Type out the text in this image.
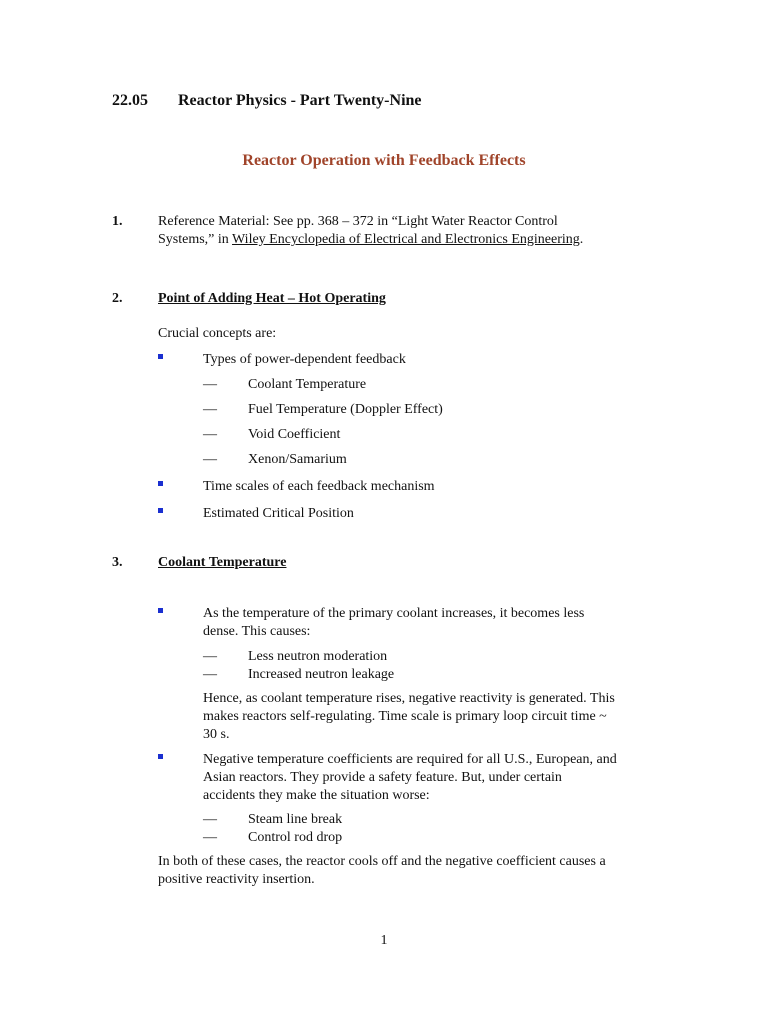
22.05 Reactor Physics - Part Twenty-Nine
Reactor Operation with Feedback Effects
1.	Reference Material: See pp. 368 – 372 in “Light Water Reactor Control
Systems,” in Wiley Encyclopedia of Electrical and Electronics Engineering.
2.	Point of Adding Heat – Hot Operating
Crucial concepts are:
Types of power-dependent feedback
— Coolant Temperature
— Fuel Temperature (Doppler Effect)
— Void Coefficient
— Xenon/Samarium
Time scales of each feedback mechanism
Estimated Critical Position
3.	Coolant Temperature
As the temperature of the primary coolant increases, it becomes less
dense. This causes:
— Less neutron moderation
— Increased neutron leakage
Hence, as coolant temperature rises, negative reactivity is generated. This
makes reactors self-regulating. Time scale is primary loop circuit time ~
30 s.
Negative temperature coefficients are required for all U.S., European, and
Asian reactors. They provide a safety feature. But, under certain
accidents they make the situation worse:
— Steam line break
— Control rod drop
In both of these cases, the reactor cools off and the negative coefficient causes a
positive reactivity insertion.
1
